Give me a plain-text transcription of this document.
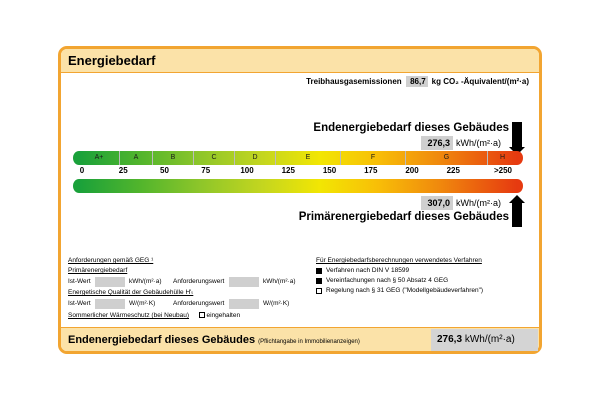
Energiebedarf
Treibhausgasemissionen	86,7 kg CO₂ -Äquivalent/(m²·a)
Endenergiebedarf dieses Gebäudes
276,3 kWh/(m²·a)
A+	A	B	C	D	E	F	G	H
0	25	50	75	100	125	150	175	200	225	>250
307,0 kWh/(m²·a)
Primärenergiebedarf dieses Gebäudes
Anforderungen gemäß GEG ¹
Primärenergiebedarf
Ist-Wert	kWh/(m²·a) Anforderungswert	kWh/(m²·a)
Energetische Qualität der Gebäudehülle H'ₜ
Ist-Wert	W/(m²·K)	Anforderungswert	W/(m²·K)
Sommerlicher Wärmeschutz (bei Neubau)	eingehalten
Für Energiebedarfsberechnungen verwendetes Verfahren
Verfahren nach DIN V 18599
Vereinfachungen nach § 50 Absatz 4 GEG
Regelung nach § 31 GEG ("Modellgebäudeverfahren")
Endenergiebedarf dieses Gebäudes (Pflichtangabe in Immobilienanzeigen)	276,3 kWh/(m²·a)
